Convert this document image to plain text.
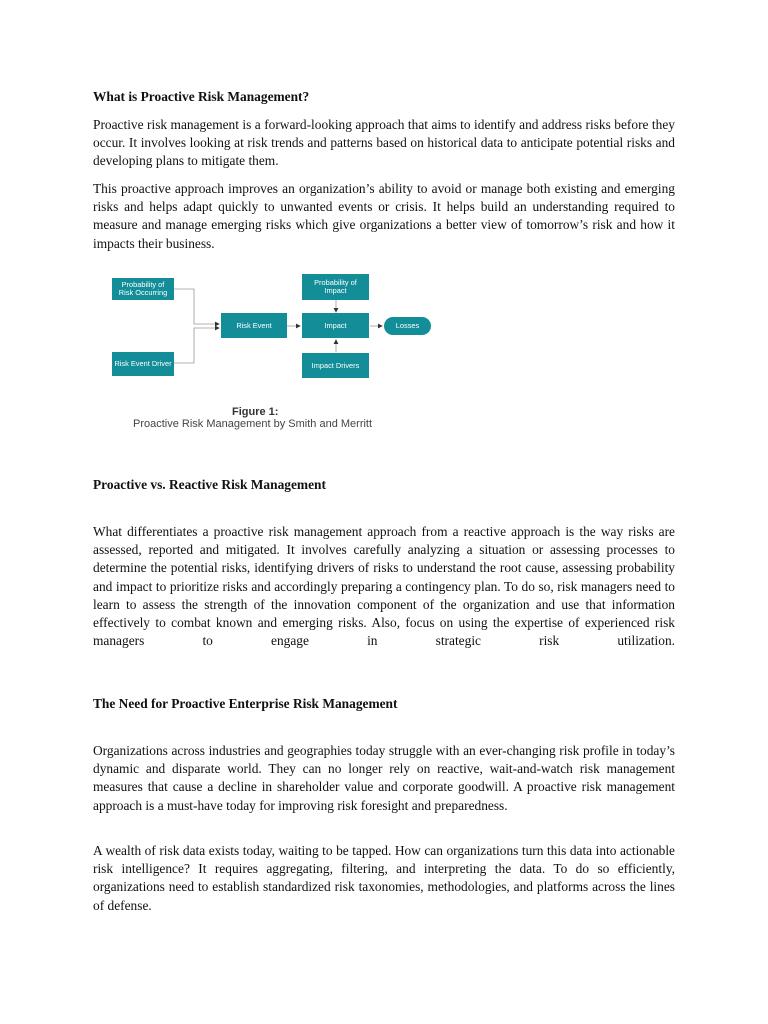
What is Proactive Risk Management?

Proactive risk management is a forward-looking approach that aims to identify and address risks before they occur. It involves looking at risk trends and patterns based on historical data to anticipate potential risks and developing plans to mitigate them.

This proactive approach improves an organization’s ability to avoid or manage both existing and emerging risks and helps adapt quickly to unwanted events or crisis. It helps build an understanding required to measure and manage emerging risks which give organizations a better view of tomorrow’s risk and how it impacts their business.

Proactive vs. Reactive Risk Management

What differentiates a proactive risk management approach from a reactive approach is the way risks are assessed, reported and mitigated. It involves carefully analyzing a situation or assessing processes to determine the potential risks, identifying drivers of risks to understand the root cause, assessing probability and impact to prioritize risks and accordingly preparing a contingency plan. To do so, risk managers need to learn to assess the strength of the innovation component of the organization and use that information effectively to combat known and emerging risks. Also, focus on using the expertise of experienced risk managers to engage in strategic risk utilization.

The Need for Proactive Enterprise Risk Management

Organizations across industries and geographies today struggle with an ever-changing risk profile in today’s dynamic and disparate world. They can no longer rely on reactive, wait-and-watch risk management measures that cause a decline in shareholder value and corporate goodwill. A proactive risk management approach is a must-have today for improving risk foresight and preparedness.

A wealth of risk data exists today, waiting to be tapped. How can organizations turn this data into actionable risk intelligence? It requires aggregating, filtering, and interpreting the data. To do so efficiently, organizations need to establish standardized risk taxonomies, methodologies, and platforms across the lines of defense.

Probability of Risk Occurring
Risk Event Driver
Risk Event
Probability of Impact
Impact
Impact Drivers
Losses

Figure 1:

Proactive Risk Management by Smith and Merritt
